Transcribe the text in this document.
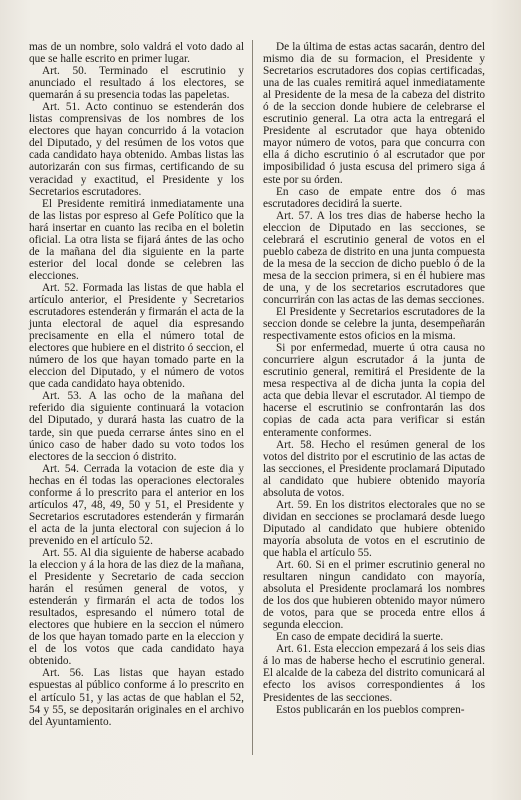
mas de un nombre, solo valdrá el voto dado al que se halle escrito en primer lugar.

Art. 50. Terminado el escrutinio y anunciado el resultado á los electores, se quemarán á su presencia todas las papeletas.

Art. 51. Acto continuo se estenderán dos listas comprensivas de los nombres de los electores que hayan concurrido á la votacion del Diputado, y del resúmen de los votos que cada candidato haya obtenido. Ambas listas las autorizarán con sus firmas, certificando de su veracidad y exactitud, el Presidente y los Secretarios escrutadores.

El Presidente remitirá inmediatamente una de las listas por espreso al Gefe Político que la hará insertar en cuanto las reciba en el boletin oficial. La otra lista se fijará ántes de las ocho de la mañana del dia siguiente en la parte esterior del local donde se celebren las elecciones.

Art. 52. Formada las listas de que habla el artículo anterior, el Presidente y Secretarios escrutadores estenderán y firmarán el acta de la junta electoral de aquel dia espresando precisamente en ella el número total de electores que hubiere en el distrito ó seccion, el número de los que hayan tomado parte en la eleccion del Diputado, y el número de votos que cada candidato haya obtenido.

Art. 53. A las ocho de la mañana del referido dia siguiente continuará la votacion del Diputado, y durará hasta las cuatro de la tarde, sin que pueda cerrarse ántes sino en el único caso de haber dado su voto todos los electores de la seccion ó distrito.

Art. 54. Cerrada la votacion de este dia y hechas en él todas las operaciones electorales conforme á lo prescrito para el anterior en los artículos 47, 48, 49, 50 y 51, el Presidente y Secretarios escrutadores estenderán y firmarán el acta de la junta electoral con sujecion á lo prevenido en el artículo 52.

Art. 55. Al dia siguiente de haberse acabado la eleccion y á la hora de las diez de la mañana, el Presidente y Secretario de cada seccion harán el resúmen general de votos, y estenderán y firmarán el acta de todos los resultados, espresando el número total de electores que hubiere en la seccion el número de los que hayan tomado parte en la eleccion y el de los votos que cada candidato haya obtenido.

Art. 56. Las listas que hayan estado espuestas al público conforme á lo prescrito en el artículo 51, y las actas de que hablan el 52, 54 y 55, se depositarán originales en el archivo del Ayuntamiento.

De la última de estas actas sacarán, dentro del mismo dia de su formacion, el Presidente y Secretarios escrutadores dos copias certificadas, una de las cuales remitirá aquel inmediatamente al Presidente de la mesa de la cabeza del distrito ó de la seccion donde hubiere de celebrarse el escrutinio general. La otra acta la entregará el Presidente al escrutador que haya obtenido mayor número de votos, para que concurra con ella á dicho escrutinio ó al escrutador que por imposibilidad ó justa escusa del primero siga á este por su órden.

En caso de empate entre dos ó mas escrutadores decidirá la suerte.

Art. 57. A los tres dias de haberse hecho la eleccion de Diputado en las secciones, se celebrará el escrutinio general de votos en el pueblo cabeza de distrito en una junta compuesta de la mesa de la seccion de dicho pueblo ó de la mesa de la seccion primera, si en él hubiere mas de una, y de los secretarios escrutadores que concurrirán con las actas de las demas secciones.

El Presidente y Secretarios escrutadores de la seccion donde se celebre la junta, desempeñarán respectivamente estos oficios en la misma.

Si por enfermedad, muerte ú otra causa no concurriere algun escrutador á la junta de escrutinio general, remitirá el Presidente de la mesa respectiva al de dicha junta la copia del acta que debia llevar el escrutador. Al tiempo de hacerse el escrutinio se confrontarán las dos copias de cada acta para verificar si están enteramente conformes.

Art. 58. Hecho el resúmen general de los votos del distrito por el escrutinio de las actas de las secciones, el Presidente proclamará Diputado al candidato que hubiere obtenido mayoría absoluta de votos.

Art. 59. En los distritos electorales que no se dividan en secciones se proclamará desde luego Diputado al candidato que hubiere obtenido mayoría absoluta de votos en el escrutinio de que habla el artículo 55.

Art. 60. Si en el primer escrutinio general no resultaren ningun candidato con mayoría, absoluta el Presidente proclamará los nombres de los dos que hubieren obtenido mayor número de votos, para que se proceda entre ellos á segunda eleccion.

En caso de empate decidirá la suerte.

Art. 61. Esta eleccion empezará á los seis dias á lo mas de haberse hecho el escrutinio general. El alcalde de la cabeza del distrito comunicará al efecto los avisos correspondientes á los Presidentes de las secciones.

Estos publicarán en los pueblos compren-
